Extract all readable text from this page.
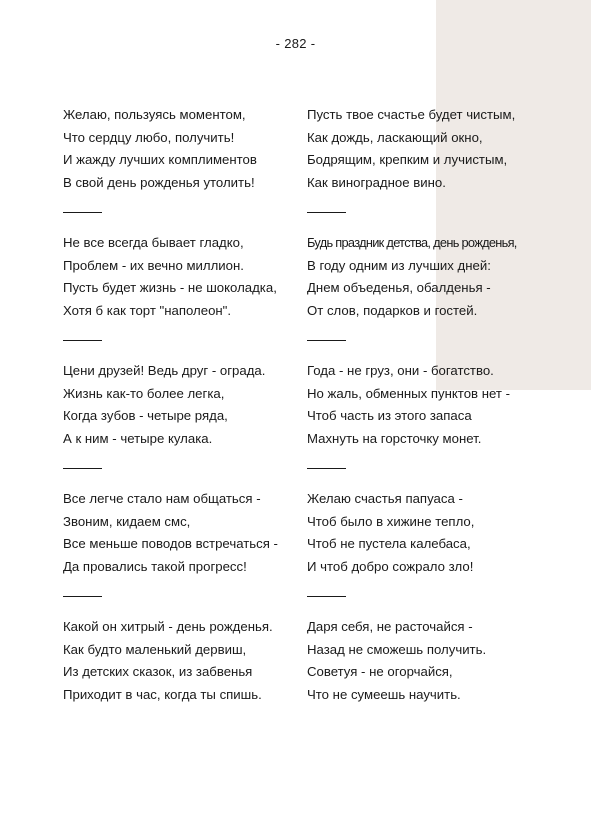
- 282 -
Желаю, пользуясь моментом,
Что сердцу любо, получить!
И жажду лучших комплиментов
В свой день рожденья утолить!
Не все всегда бывает гладко,
Проблем - их вечно миллион.
Пусть будет жизнь - не шоколадка,
Хотя б как торт "наполеон".
Цени друзей! Ведь друг - ограда.
Жизнь как-то более легка,
Когда зубов - четыре ряда,
А к ним - четыре кулака.
Все легче стало нам общаться -
Звоним, кидаем смс,
Все меньше поводов встречаться -
Да провались такой прогресс!
Какой он хитрый - день рожденья.
Как будто маленький дервиш,
Из детских сказок, из забвенья
Приходит в час, когда ты спишь.
Пусть твое счастье будет чистым,
Как дождь, ласкающий окно,
Бодрящим, крепким и лучистым,
Как виноградное вино.
Будь праздник детства, день рожденья,
В году одним из лучших дней:
Днем объеденья, обалденья -
От слов, подарков и гостей.
Года - не груз, они - богатство.
Но жаль, обменных пунктов нет -
Чтоб часть из этого запаса
Махнуть на горсточку монет.
Желаю счастья папуаса -
Чтоб было в хижине тепло,
Чтоб не пустела калебаса,
И чтоб добро сожрало зло!
Даря себя, не расточайся -
Назад не сможешь получить.
Советуя - не огорчайся,
Что не сумеешь научить.
